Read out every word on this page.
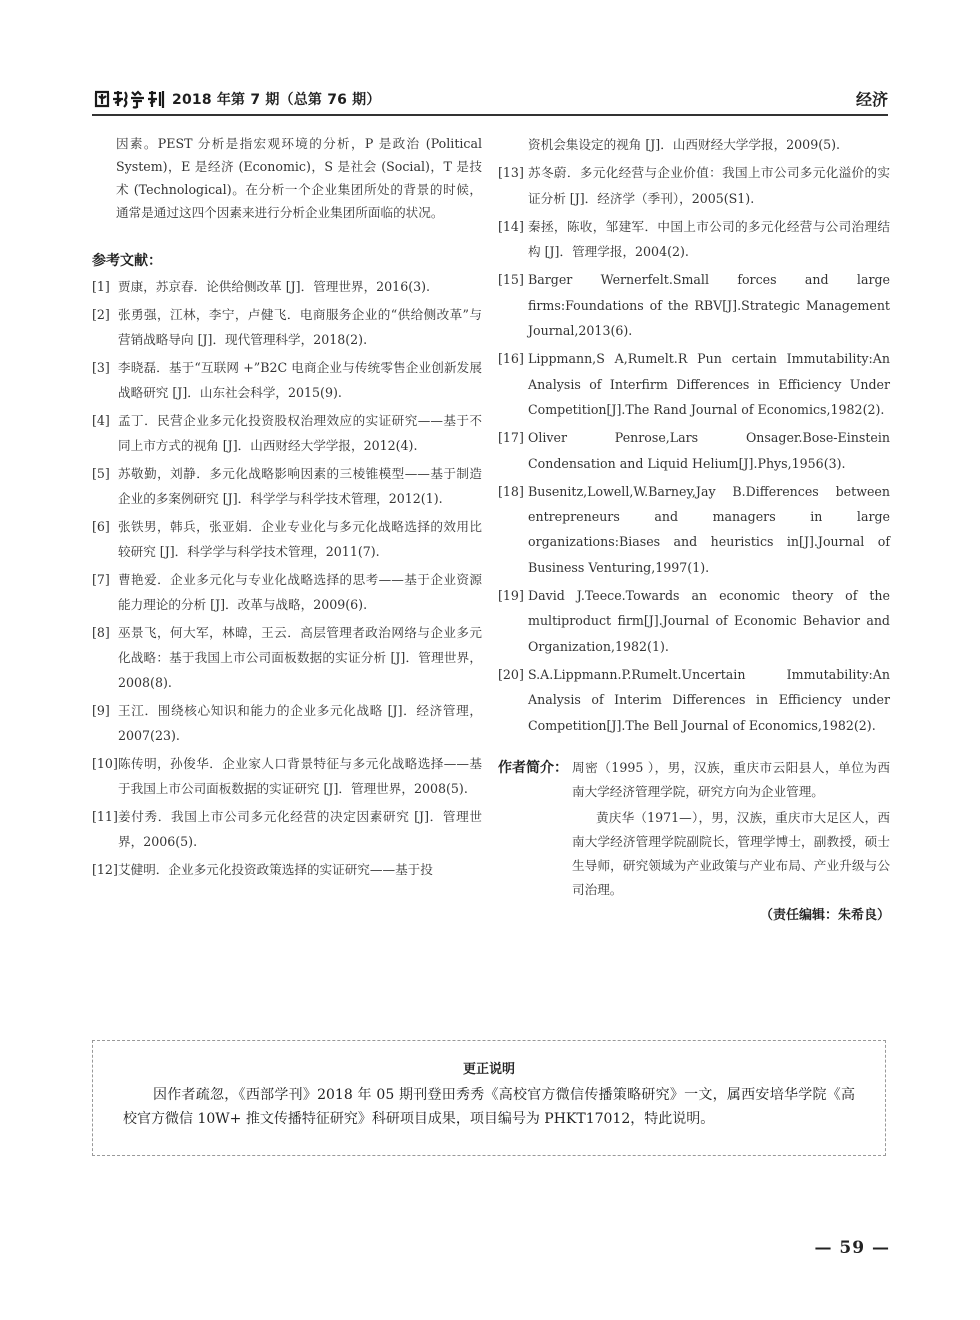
2018 年第 7 期（总第 76 期）	经济

因素。PEST 分析是指宏观环境的分析，P 是政治 (Political System)，E 是经济 (Economic)，S 是社会 (Social)，T 是技术 (Technological)。在分析一个企业集团所处的背景的时候，通常是通过这四个因素来进行分析企业集团所面临的状况。

参考文献：
[1] 贾康，苏京春．论供给侧改革 [J]．管理世界，2016(3).
[2] 张勇强，江林，李宁，卢健飞．电商服务企业的“供给侧改革”与营销战略导向 [J]．现代管理科学，2018(2).
[3] 李晓磊．基于“互联网 +”B2C 电商企业与传统零售企业创新发展战略研究 [J]．山东社会科学，2015(9).
[4] 孟丁．民营企业多元化投资股权治理效应的实证研究——基于不同上市方式的视角 [J]．山西财经大学学报，2012(4).
[5] 苏敬勤，刘静．多元化战略影响因素的三棱锥模型——基于制造企业的多案例研究 [J]．科学学与科学技术管理，2012(1).
[6] 张铁男，韩兵，张亚娟．企业专业化与多元化战略选择的效用比较研究 [J]．科学学与科学技术管理，2011(7).
[7] 曹艳爱．企业多元化与专业化战略选择的思考——基于企业资源能力理论的分析 [J]．改革与战略，2009(6).
[8] 巫景飞，何大军，林暐，王云．高层管理者政治网络与企业多元化战略：基于我国上市公司面板数据的实证分析 [J]．管理世界，2008(8).
[9] 王江．围绕核心知识和能力的企业多元化战略 [J]．经济管理，2007(23).
[10] 陈传明，孙俊华．企业家人口背景特征与多元化战略选择——基于我国上市公司面板数据的实证研究 [J]．管理世界，2008(5).
[11] 姜付秀．我国上市公司多元化经营的决定因素研究 [J]．管理世界，2006(5).
[12] 艾健明．企业多元化投资政策选择的实证研究——基于投
资机会集设定的视角 [J]．山西财经大学学报，2009(5).
[13] 苏冬蔚．多元化经营与企业价值：我国上市公司多元化溢价的实证分析 [J]．经济学（季刊），2005(S1).
[14] 秦拯，陈收，邹建军．中国上市公司的多元化经营与公司治理结构 [J]．管理学报，2004(2).
[15] Barger Wernerfelt.Small forces and large firms:Foundations of the RBV[J].Strategic Management Journal,2013(6).
[16] Lippmann,S A,Rumelt.R Pun certain Immutability:An Analysis of Interfirm Differences in Efficiency Under Competition[J].The Rand Journal of Economics,1982(2).
[17] Oliver Penrose,Lars Onsager.Bose-Einstein Condensation and Liquid Helium[J].Phys,1956(3).
[18] Busenitz,Lowell,W.Barney,Jay B.Differences between entrepreneurs and managers in large organizations:Biases and heuristics in[J].Journal of Business Venturing,1997(1).
[19] David J.Teece.Towards an economic theory of the multiproduct firm[J].Journal of Economic Behavior and Organization,1982(1).
[20] S.A.Lippmann.P.Rumelt.Uncertain Immutability:An Analysis of Interim Differences in Efficiency under Competition[J].The Bell Journal of Economics,1982(2).
作者简介： 周密（1995 ），男，汉族，重庆市云阳县人，单位为西南大学经济管理学院，研究方向为企业管理。

黄庆华（1971—），男，汉族，重庆市大足区人，西南大学经济管理学院副院长，管理学博士，副教授，硕士生导师，研究领域为产业政策与产业布局、产业升级与公司治理。

（责任编辑：朱希良）
更正说明
因作者疏忽，《西部学刊》2018 年 05 期刊登田秀秀《高校官方微信传播策略研究》一文，属西安培华学院《高校官方微信 10W+ 推文传播特征研究》科研项目成果，项目编号为 PHKT17012，特此说明。
— 59 —
